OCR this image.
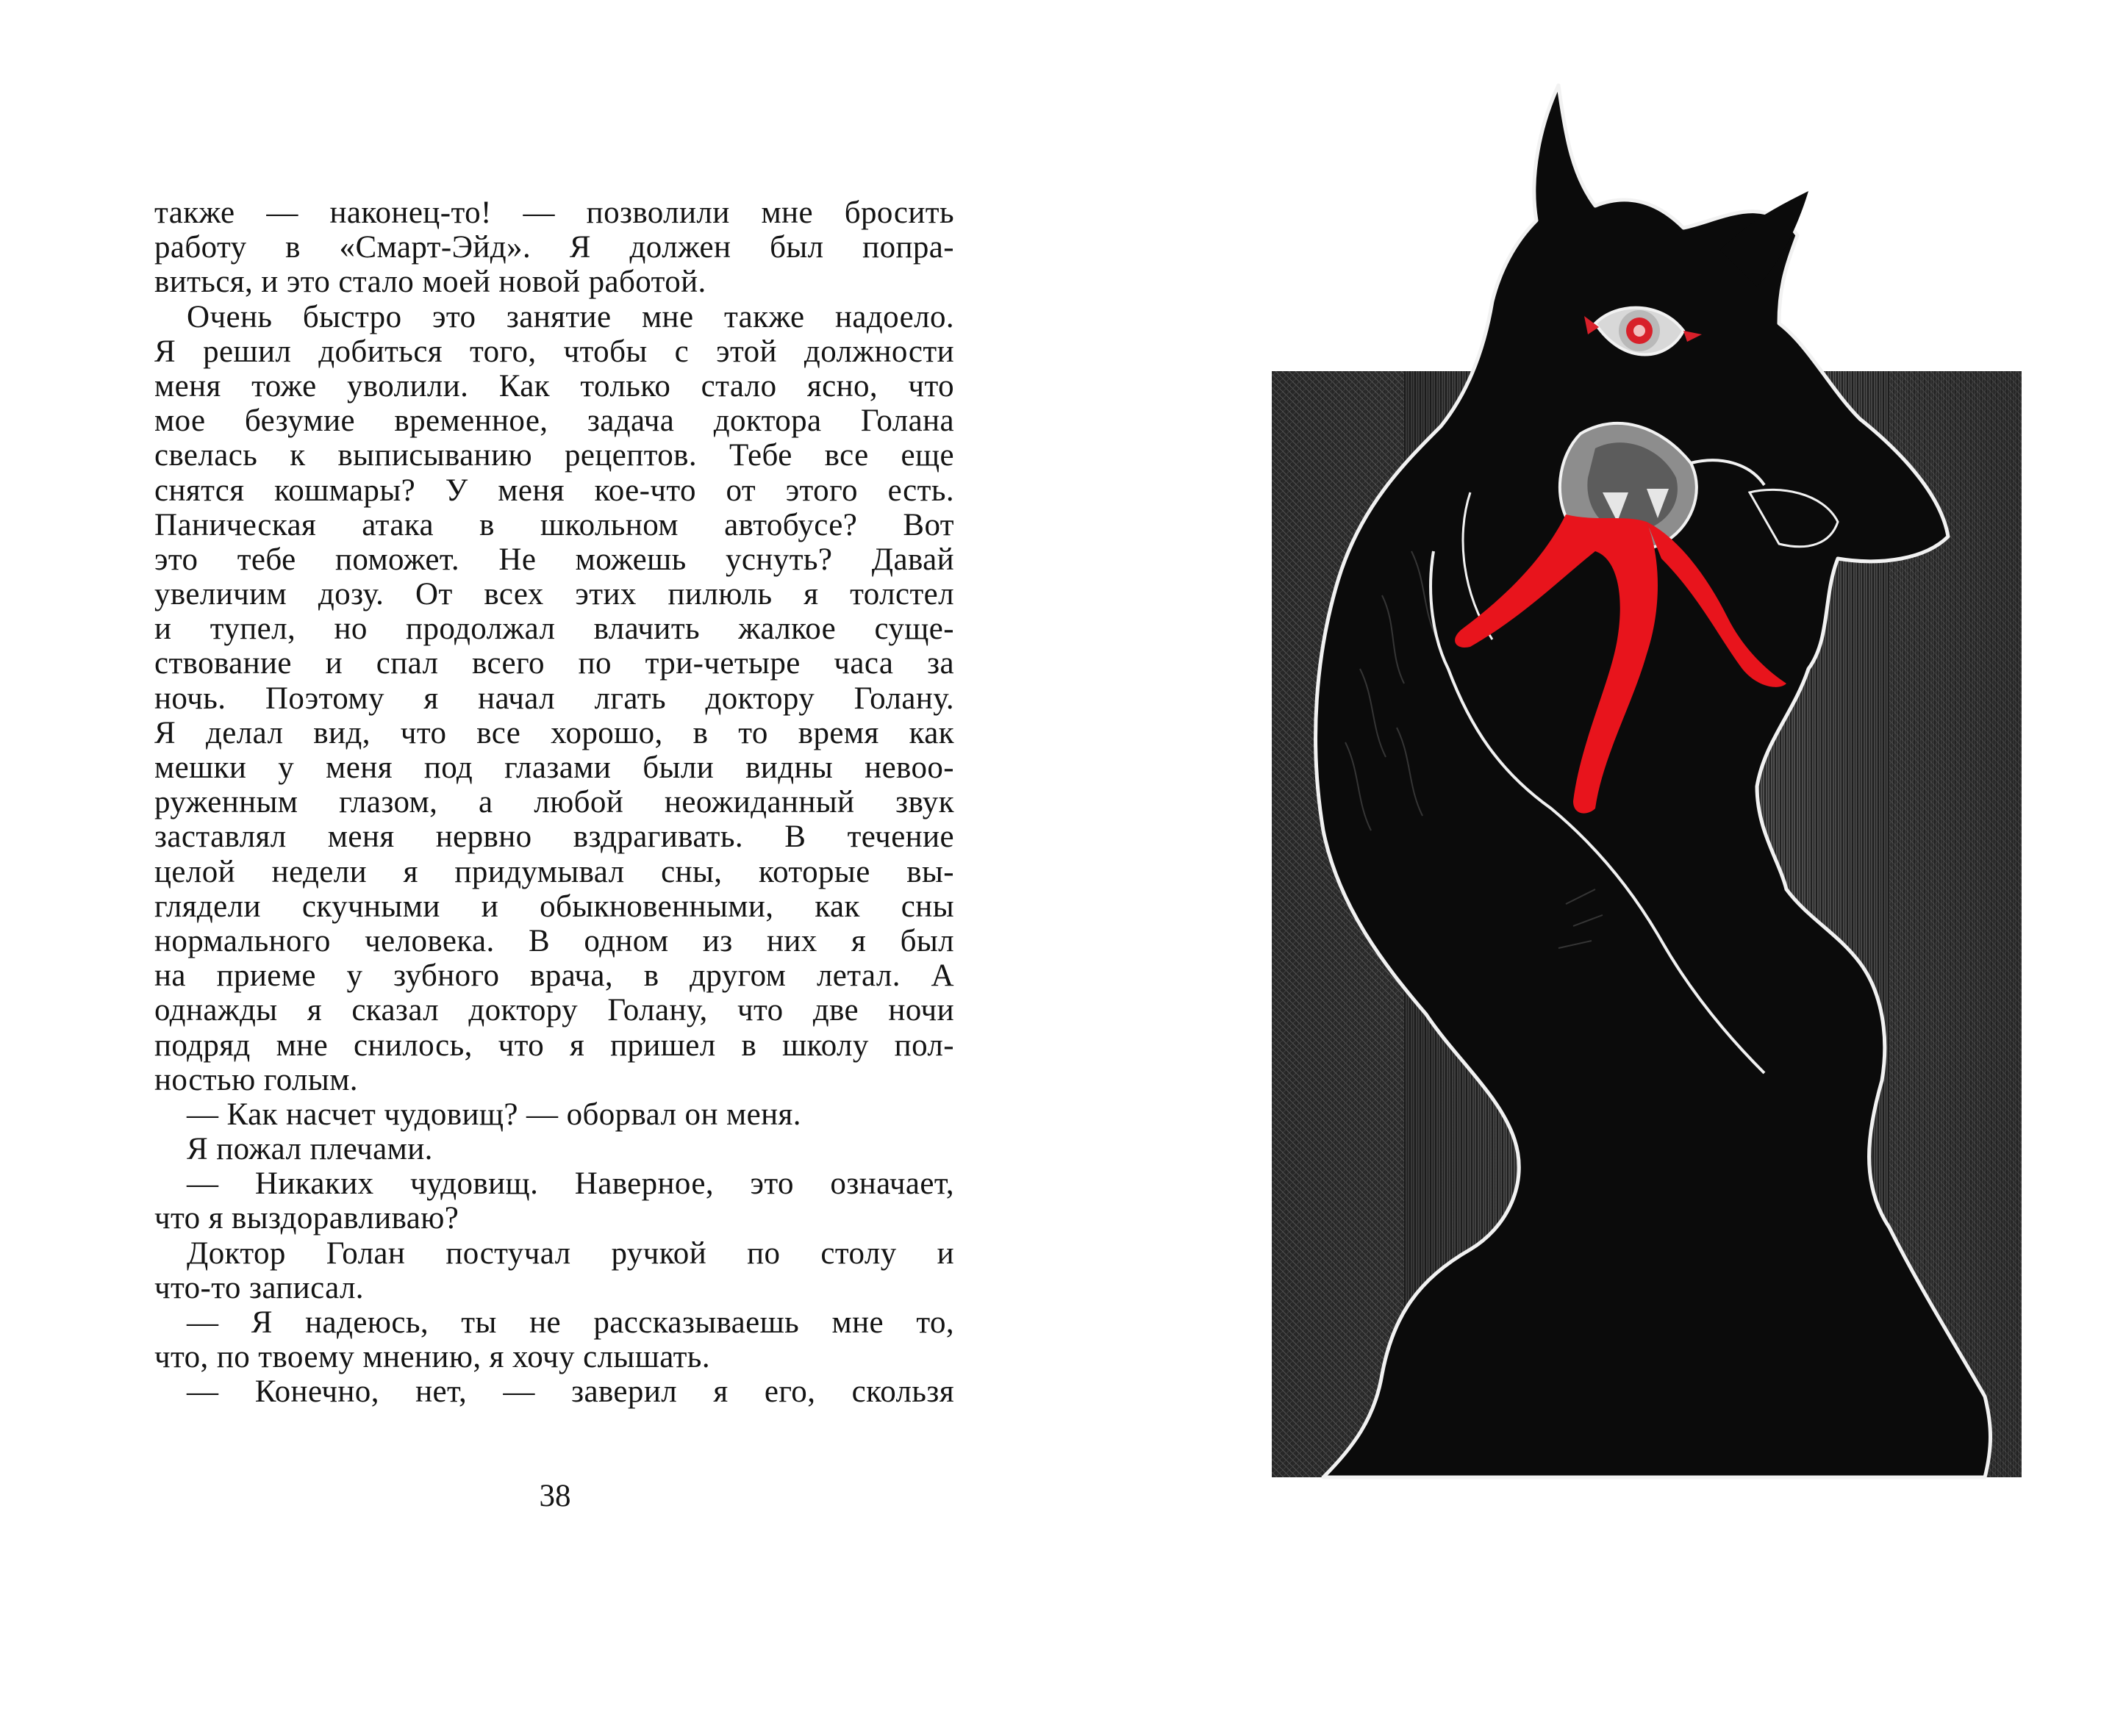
также — наконец-то! — позволили мне бросить
работу в «Смарт-Эйд». Я должен был попра-
виться, и это стало моей новой работой.
Очень быстро это занятие мне также надоело.
Я решил добиться того, чтобы с этой должности
меня тоже уволили. Как только стало ясно, что
мое безумие временное, задача доктора Голана
свелась к выписыванию рецептов. Тебе все еще
снятся кошмары? У меня кое-что от этого есть.
Паническая атака в школьном автобусе? Вот
это тебе поможет. Не можешь уснуть? Давай
увеличим дозу. От всех этих пилюль я толстел
и тупел, но продолжал влачить жалкое суще-
ствование и спал всего по три-четыре часа за
ночь. Поэтому я начал лгать доктору Голану.
Я делал вид, что все хорошо, в то время как
мешки у меня под глазами были видны невоо-
руженным глазом, а любой неожиданный звук
заставлял меня нервно вздрагивать. В течение
целой недели я придумывал сны, которые вы-
глядели скучными и обыкновенными, как сны
нормального человека. В одном из них я был
на приеме у зубного врача, в другом летал. А
однажды я сказал доктору Голану, что две ночи
подряд мне снилось, что я пришел в школу пол-
ностью голым.
— Как насчет чудовищ? — оборвал он меня.
Я пожал плечами.
— Никаких чудовищ. Наверное, это означает,
что я выздоравливаю?
Доктор Голан постучал ручкой по столу и
что-то записал.
— Я надеюсь, ты не рассказываешь мне то,
что, по твоему мнению, я хочу слышать.
— Конечно, нет, — заверил я его, скользя
38
